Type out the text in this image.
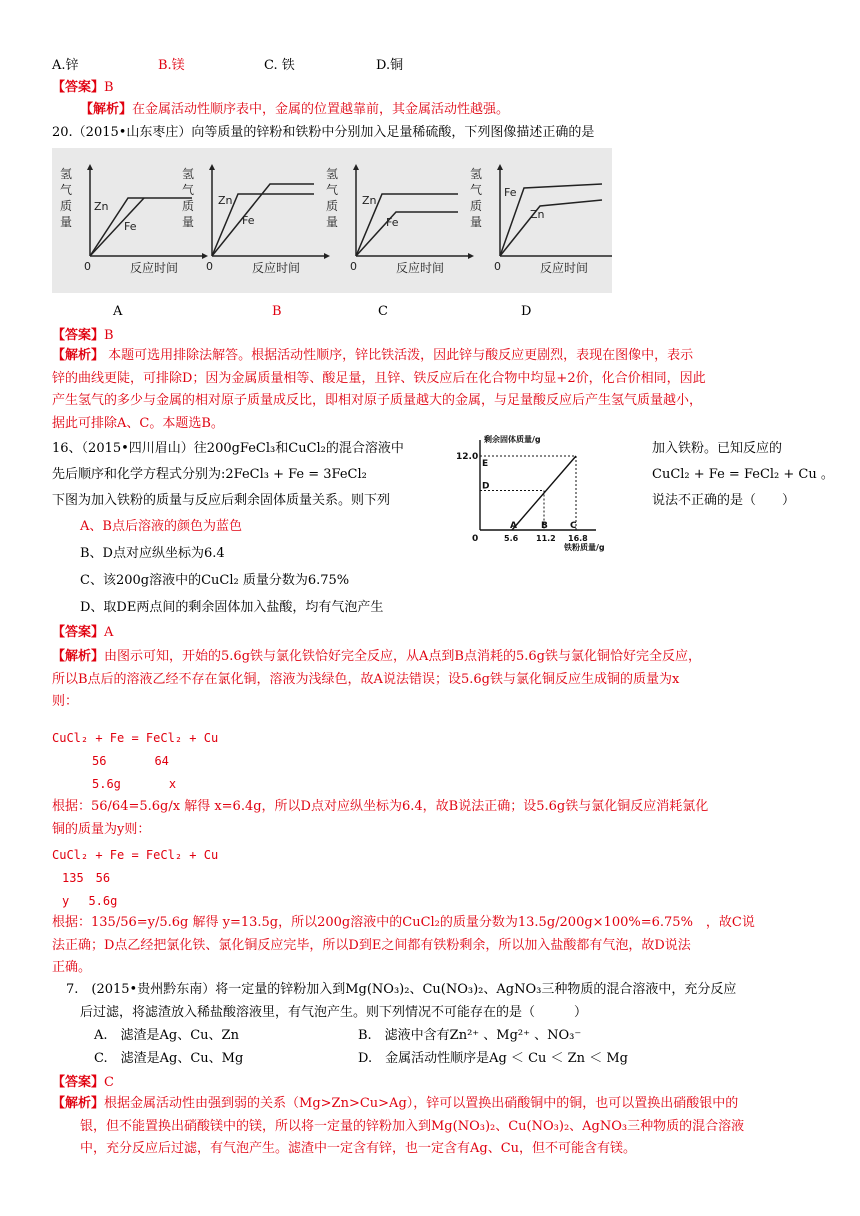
A.锌	B.镁	C. 铁	D.铜
【答案】B
【解析】在金属活动性顺序表中，金属的位置越靠前，其金属活动性越强。
20.（2015•山东枣庄）向等质量的锌粉和铁粉中分别加入足量稀硫酸，下列图像描述正确的是
氢
气
质
量
0	反应时间
Zn
Fe
氢
气
质
量
0	反应时间
Zn
Fe
氢
气
质
量
0	反应时间
Zn
Fe
氢
气
质
量
0	反应时间
Fe
Zn
A	B	C	D
【答案】B
【解析】 本题可选用排除法解答。根据活动性顺序，锌比铁活泼，因此锌与酸反应更剧烈，表现在图像中，表示
锌的曲线更陡，可排除D；因为金属质量相等、酸足量，且锌、铁反应后在化合物中均显+2价，化合价相同，因此
产生氢气的多少与金属的相对原子质量成反比，即相对原子质量越大的金属，与足量酸反应后产生氢气质量越小，
据此可排除A、C。本题选B。
16、（2015•四川眉山）往200gFeCl₃和CuCl₂的混合溶液中	加入铁粉。已知反应的
先后顺序和化学方程式分别为:2FeCl₃ + Fe = 3FeCl₂	CuCl₂ + Fe = FeCl₂ + Cu 。
下图为加入铁粉的质量与反应后剩余固体质量关系。则下列	说法不正确的是（　　）
剩余固体质量/g
铁粉质量/g
E
D
A	B C
0
12.0
5.6 11.2 16.8
A、B点后溶液的颜色为蓝色
B、D点对应纵坐标为6.4
C、该200g溶液中的CuCl₂ 质量分数为6.75%
D、取DE两点间的剩余固体加入盐酸，均有气泡产生
【答案】A
【解析】由图示可知，开始的5.6g铁与氯化铁恰好完全反应，从A点到B点消耗的5.6g铁与氯化铜恰好完全反应，
所以B点后的溶液乙经不存在氯化铜，溶液为浅绿色，故A说法错误；设5.6g铁与氯化铜反应生成铜的质量为x
则：
CuCl₂ + Fe = FeCl₂ + Cu
56　　　　64
5.6g　　　　x
根据：56/64=5.6g/x 解得 x=6.4g，所以D点对应纵坐标为6.4，故B说法正确；设5.6g铁与氯化铜反应消耗氯化
铜的质量为y则：
CuCl₂ + Fe = FeCl₂ + Cu
135　56
y　 5.6g
根据：135/56=y/5.6g 解得 y=13.5g，所以200g溶液中的CuCl₂的质量分数为13.5g/200g×100%=6.75%　，故C说
法正确；D点乙经把氯化铁、氯化铜反应完毕，所以D到E之间都有铁粉剩余，所以加入盐酸都有气泡，故D说法
正确。
7.　(2015•贵州黔东南）将一定量的锌粉加入到Mg(NO₃)₂、Cu(NO₃)₂、AgNO₃三种物质的混合溶液中，充分反应
后过滤，将滤渣放入稀盐酸溶液里，有气泡产生。则下列情况不可能存在的是（　　　）
A.　滤渣是Ag、Cu、Zn	B.　滤液中含有Zn²⁺ 、Mg²⁺ 、NO₃⁻
C.　滤渣是Ag、Cu、Mg	D.　金属活动性顺序是Ag ＜ Cu ＜ Zn ＜ Mg
【答案】C
【解析】根据金属活动性由强到弱的关系（Mg>Zn>Cu>Ag），锌可以置换出硝酸铜中的铜，也可以置换出硝酸银中的
银，但不能置换出硝酸镁中的镁，所以将一定量的锌粉加入到Mg(NO₃)₂、Cu(NO₃)₂、AgNO₃三种物质的混合溶液
中，充分反应后过滤，有气泡产生。滤渣中一定含有锌，也一定含有Ag、Cu，但不可能含有镁。
